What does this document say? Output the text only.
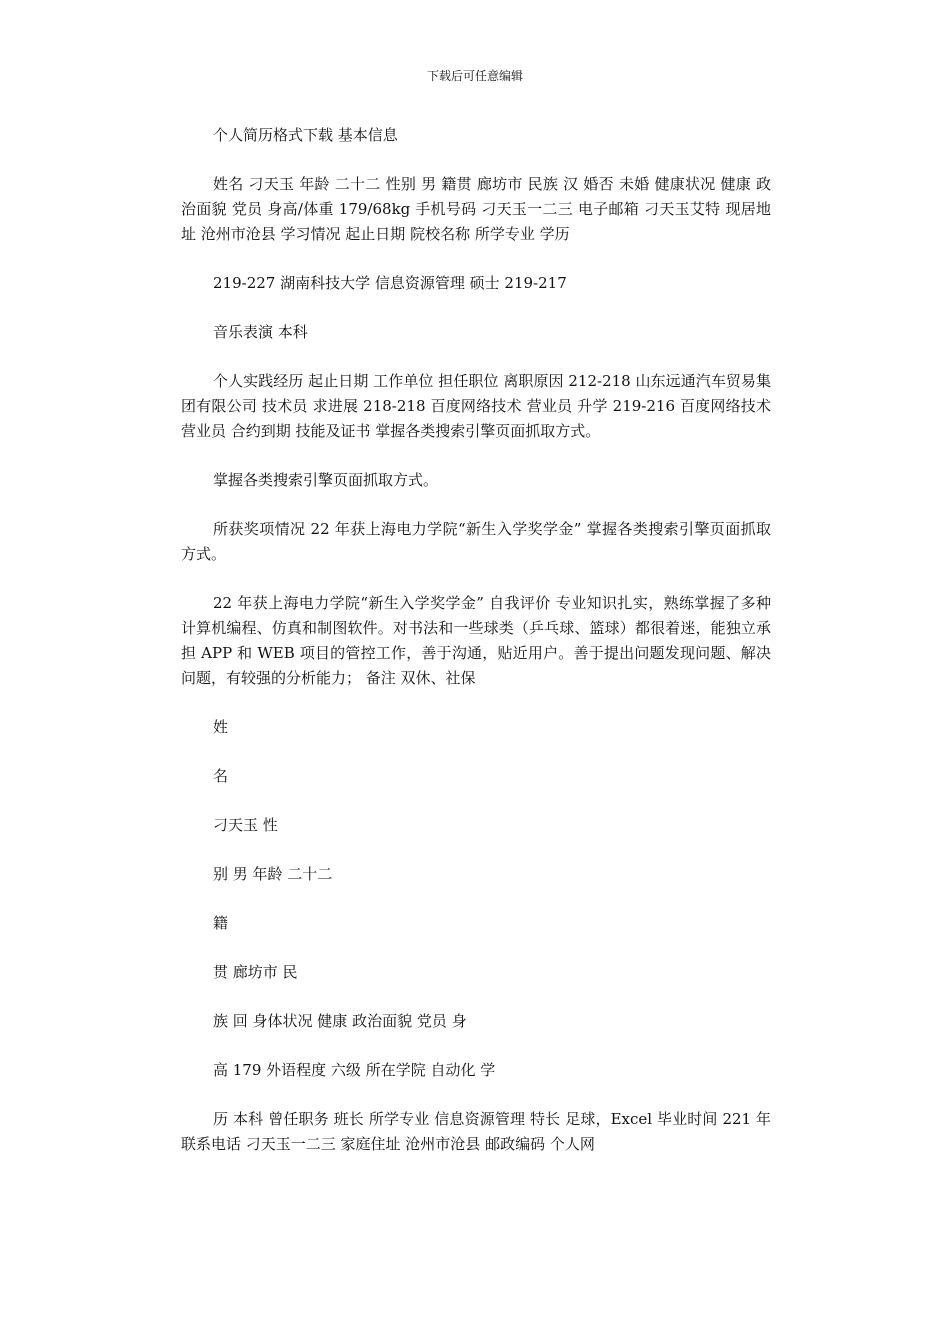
下载后可任意编辑

个人简历格式下载 基本信息

姓名 刁天玉 年龄 二十二 性别 男 籍贯 廊坊市 民族 汉 婚否 未婚 健康状况 健康 政治面貌 党员 身高/体重 179/68kg 手机号码 刁天玉一二三 电子邮箱 刁天玉艾特 现居地址 沧州市沧县 学习情况 起止日期 院校名称 所学专业 学历

219-227 湖南科技大学 信息资源管理 硕士 219-217

音乐表演 本科

个人实践经历 起止日期 工作单位 担任职位 离职原因 212-218 山东远通汽车贸易集团有限公司 技术员 求进展 218-218 百度网络技术 营业员 升学 219-216 百度网络技术 营业员 合约到期 技能及证书 掌握各类搜索引擎页面抓取方式。

掌握各类搜索引擎页面抓取方式。

所获奖项情况 22 年获上海电力学院“新生入学奖学金” 掌握各类搜索引擎页面抓取方式。

22 年获上海电力学院“新生入学奖学金” 自我评价 专业知识扎实，熟练掌握了多种计算机编程、仿真和制图软件。对书法和一些球类（乒乓球、篮球）都很着迷，能独立承担 APP 和 WEB 项目的管控工作，善于沟通，贴近用户。善于提出问题发现问题、解决问题，有较强的分析能力； 备注 双休、社保

姓

名

刁天玉 性

别 男 年龄 二十二

籍

贯 廊坊市 民

族 回 身体状况 健康 政治面貌 党员 身

高 179 外语程度 六级 所在学院 自动化 学

历 本科 曾任职务 班长 所学专业 信息资源管理 特长 足球，Excel 毕业时间 221 年 联系电话 刁天玉一二三 家庭住址 沧州市沧县 邮政编码 个人网
